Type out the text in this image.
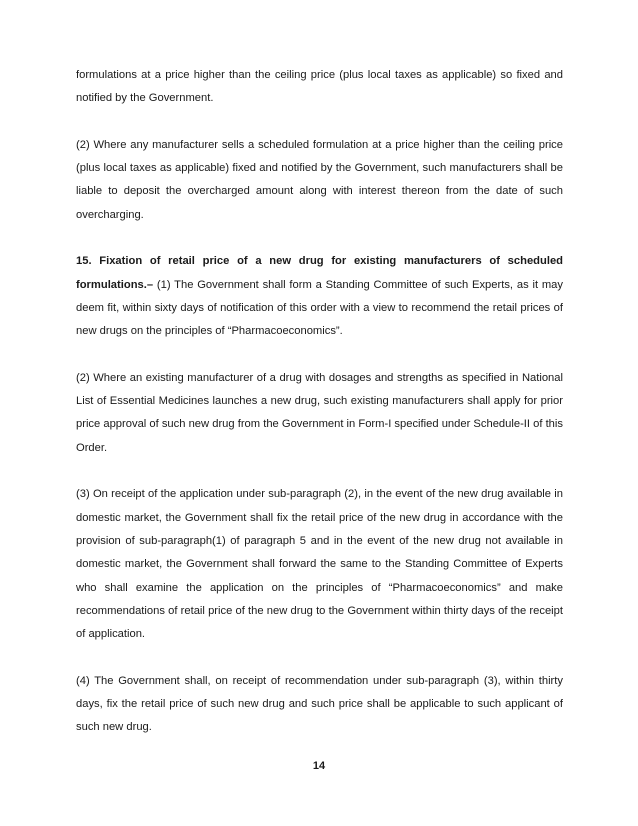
formulations at a price higher than the ceiling price (plus local taxes as applicable) so fixed and notified by the Government.

(2) Where any manufacturer sells a scheduled formulation at a price higher than the ceiling price (plus local taxes as applicable) fixed and notified by the Government, such manufacturers shall be liable to deposit the overcharged amount along with interest thereon from the date of such overcharging.

15. Fixation of retail price of a new drug for existing manufacturers of scheduled formulations.– (1) The Government shall form a Standing Committee of such Experts, as it may deem fit, within sixty days of notification of this order with a view to recommend the retail prices of new drugs on the principles of “Pharmacoeconomics”.

(2) Where an existing manufacturer of a drug with dosages and strengths as specified in National List of Essential Medicines launches a new drug, such existing manufacturers shall apply for prior price approval of such new drug from the Government in Form-I specified under Schedule-II of this Order.

(3) On receipt of the application under sub-paragraph (2), in the event of the new drug available in domestic market, the Government shall fix the retail price of the new drug in accordance with the provision of sub-paragraph(1) of paragraph 5 and in the event of the new drug not available in domestic market, the Government shall forward the same to the Standing Committee of Experts who shall examine the application on the principles of “Pharmacoeconomics” and make recommendations of retail price of the new drug to the Government within thirty days of the receipt of application.

(4) The Government shall, on receipt of recommendation under sub-paragraph (3), within thirty days, fix the retail price of such new drug and such price shall be applicable to such applicant of such new drug.

14
